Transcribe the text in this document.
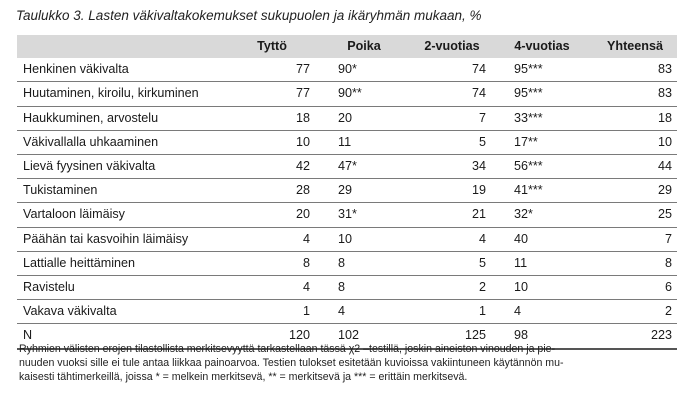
Taulukko 3. Lasten väkivaltakokemukset sukupuolen ja ikäryhmän mukaan, %
	Tyttö	Poika	2-vuotias	4-vuotias	Yhteensä
Henkinen väkivalta	77	90*	74	95***	83
Huutaminen, kiroilu, kirkuminen	77	90**	74	95***	83
Haukkuminen, arvostelu	18	20	7	33***	18
Väkivallalla uhkaaminen	10	11	5	17**	10
Lievä fyysinen väkivalta	42	47*	34	56***	44
Tukistaminen	28	29	19	41***	29
Vartaloon läimäisy	20	31*	21	32*	25
Päähän tai kasvoihin läimäisy	4	10	4	40	7
Lattialle heittäminen	8	8	5	11	8
Ravistelu	4	8	2	10	6
Vakava väkivalta	1	4	1	4	2
N	120	102	125	98	223

Ryhmien välisten erojen tilastollista merkitsevyyttä tarkastellaan tässä χ2 –testillä, joskin aineiston vinouden ja pie-

nuuden vuoksi sille ei tule antaa liikkaa painoarvoa. Testien tulokset esitetään kuvioissa vakiintuneen käytännön mu-

kaisesti tähtimerkeillä, joissa * = melkein merkitsevä, ** = merkitsevä ja *** = erittäin merkitsevä.
